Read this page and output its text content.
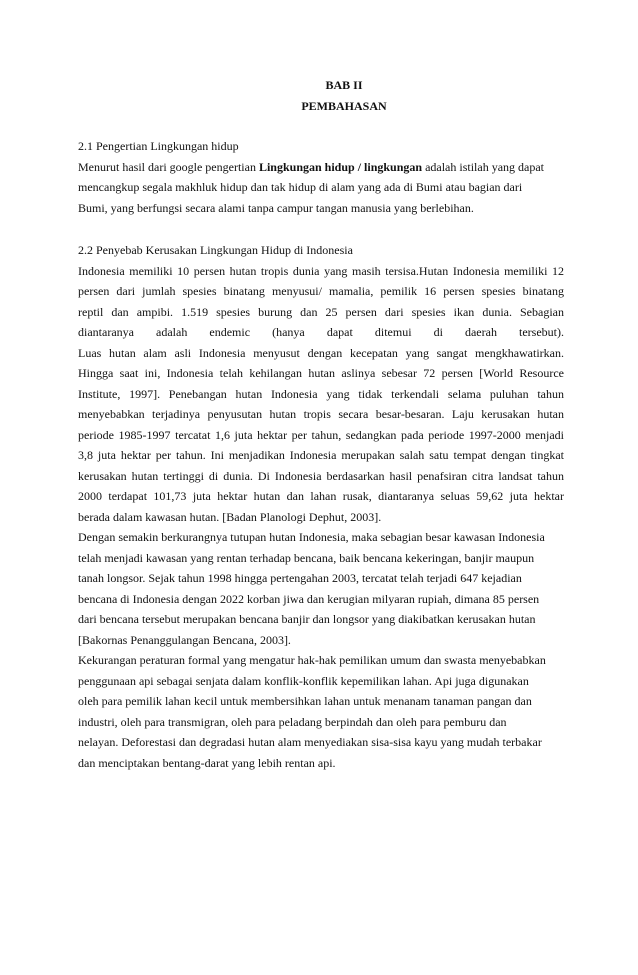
BAB II
PEMBAHASAN
2.1 Pengertian Lingkungan hidup

Menurut hasil dari google pengertian Lingkungan hidup / lingkungan adalah istilah yang dapat
mencangkup segala makhluk hidup dan tak hidup di alam yang ada di Bumi atau bagian dari
Bumi, yang berfungsi secara alami tanpa campur tangan manusia yang berlebihan.

2.2 Penyebab Kerusakan Lingkungan Hidup di Indonesia
Indonesia memiliki 10 persen hutan tropis dunia yang masih tersisa.Hutan Indonesia memiliki 12
persen dari jumlah spesies binatang menyusui/ mamalia, pemilik 16 persen spesies binatang
reptil dan ampibi. 1.519 spesies burung dan 25 persen dari spesies ikan dunia. Sebagian
diantaranya adalah endemic (hanya dapat ditemui di daerah tersebut).
Luas hutan alam asli Indonesia menyusut dengan kecepatan yang sangat mengkhawatirkan.
Hingga saat ini, Indonesia telah kehilangan hutan aslinya sebesar 72 persen [World Resource
Institute, 1997]. Penebangan hutan Indonesia yang tidak terkendali selama puluhan tahun
menyebabkan terjadinya penyusutan hutan tropis secara besar-besaran. Laju kerusakan hutan
periode 1985-1997 tercatat 1,6 juta hektar per tahun, sedangkan pada periode 1997-2000 menjadi
3,8 juta hektar per tahun. Ini menjadikan Indonesia merupakan salah satu tempat dengan tingkat
kerusakan hutan tertinggi di dunia. Di Indonesia berdasarkan hasil penafsiran citra landsat tahun
2000 terdapat 101,73 juta hektar hutan dan lahan rusak, diantaranya seluas 59,62 juta hektar
berada dalam kawasan hutan. [Badan Planologi Dephut, 2003].
Dengan semakin berkurangnya tutupan hutan Indonesia, maka sebagian besar kawasan Indonesia
telah menjadi kawasan yang rentan terhadap bencana, baik bencana kekeringan, banjir maupun
tanah longsor. Sejak tahun 1998 hingga pertengahan 2003, tercatat telah terjadi 647 kejadian
bencana di Indonesia dengan 2022 korban jiwa dan kerugian milyaran rupiah, dimana 85 persen
dari bencana tersebut merupakan bencana banjir dan longsor yang diakibatkan kerusakan hutan
[Bakornas Penanggulangan Bencana, 2003].
Kekurangan peraturan formal yang mengatur hak-hak pemilikan umum dan swasta menyebabkan
penggunaan api sebagai senjata dalam konflik-konflik kepemilikan lahan. Api juga digunakan
oleh para pemilik lahan kecil untuk membersihkan lahan untuk menanam tanaman pangan dan
industri, oleh para transmigran, oleh para peladang berpindah dan oleh para pemburu dan
nelayan. Deforestasi dan degradasi hutan alam menyediakan sisa-sisa kayu yang mudah terbakar
dan menciptakan bentang-darat yang lebih rentan api.
